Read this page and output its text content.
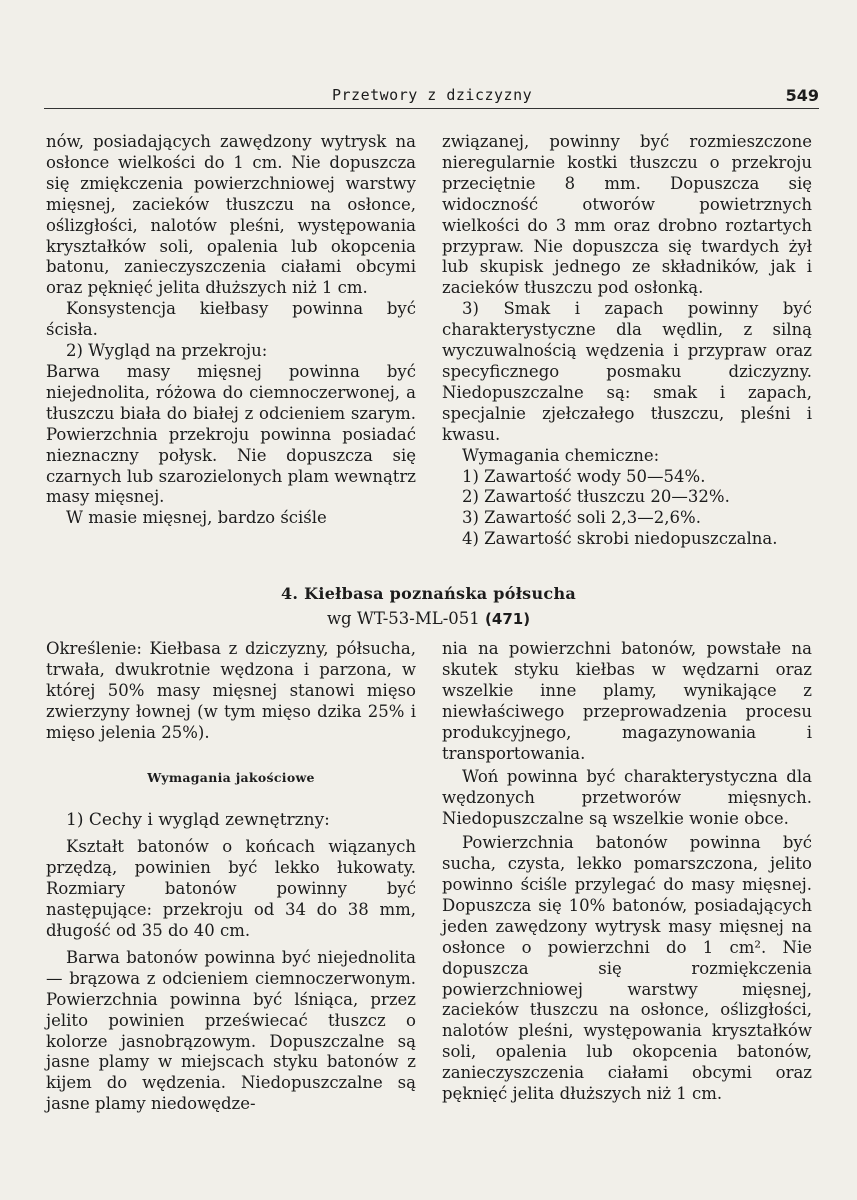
Przetwory z dziczyzny	549

nów, posiadających zawędzony wytrysk na osłonce wielkości do 1 cm. Nie dopuszcza się zmiękczenia powierzchniowej warstwy mięsnej, zacieków tłuszczu na osłonce, oślizgłości, nalotów pleśni, występowania kryształków soli, opalenia lub okopcenia batonu, zanieczyszczenia ciałami obcymi oraz pęknięć jelita dłuższych niż 1 cm.

Konsystencja kiełbasy powinna być ścisła.

2) Wygląd na przekroju:

Barwa masy mięsnej powinna być niejednolita, różowa do ciemnoczerwonej, a tłuszczu biała do białej z odcieniem szarym. Powierzchnia przekroju powinna posiadać nieznaczny połysk. Nie dopuszcza się czarnych lub szarozielonych plam wewnątrz masy mięsnej.

W masie mięsnej, bardzo ściśle

związanej, powinny być rozmieszczone nieregularnie kostki tłuszczu o przekroju przeciętnie 8 mm. Dopuszcza się widoczność otworów powietrznych wielkości do 3 mm oraz drobno roztartych przypraw. Nie dopuszcza się twardych żył lub skupisk jednego ze składników, jak i zacieków tłuszczu pod osłonką.

3) Smak i zapach powinny być charakterystyczne dla wędlin, z silną wyczuwalnością wędzenia i przypraw oraz specyficznego posmaku dziczyzny. Niedopuszczalne są: smak i zapach, specjalnie zjełczałego tłuszczu, pleśni i kwasu.

Wymagania chemiczne:

1) Zawartość wody 50—54%.
2) Zawartość tłuszczu 20—32%.
3) Zawartość soli 2,3—2,6%.
4) Zawartość skrobi niedopuszczalna.
4. Kiełbasa poznańska półsucha
wg WT-53-ML-051 (471)

Określenie: Kiełbasa z dziczyzny, półsucha, trwała, dwukrotnie wędzona i parzona, w której 50% masy mięsnej stanowi mięso zwierzyny łownej (w tym mięso dzika 25% i mięso jelenia 25%).

Wymagania jakościowe

1) Cechy i wygląd zewnętrzny:

Kształt batonów o końcach wiązanych przędzą, powinien być lekko łukowaty. Rozmiary batonów powinny być następujące: przekroju od 34 do 38 mm, długość od 35 do 40 cm.

Barwa batonów powinna być niejednolita — brązowa z odcieniem ciemnoczerwonym. Powierzchnia powinna być lśniąca, przez jelito powinien przeświecać tłuszcz o kolorze jasnobrązowym. Dopuszczalne są jasne plamy w miejscach styku batonów z kijem do wędzenia. Niedopuszczalne są jasne plamy niedowędze-

nia na powierzchni batonów, powstałe na skutek styku kiełbas w wędzarni oraz wszelkie inne plamy, wynikające z niewłaściwego przeprowadzenia procesu produkcyjnego, magazynowania i transportowania.

Woń powinna być charakterystyczna dla wędzonych przetworów mięsnych. Niedopuszczalne są wszelkie wonie obce.

Powierzchnia batonów powinna być sucha, czysta, lekko pomarszczona, jelito powinno ściśle przylegać do masy mięsnej. Dopuszcza się 10% batonów, posiadających jeden zawędzony wytrysk masy mięsnej na osłonce o powierzchni do 1 cm². Nie dopuszcza się rozmiękczenia powierzchniowej warstwy mięsnej, zacieków tłuszczu na osłonce, oślizgłości, nalotów pleśni, występowania kryształków soli, opalenia lub okopcenia batonów, zanieczyszczenia ciałami obcymi oraz pęknięć jelita dłuższych niż 1 cm.
